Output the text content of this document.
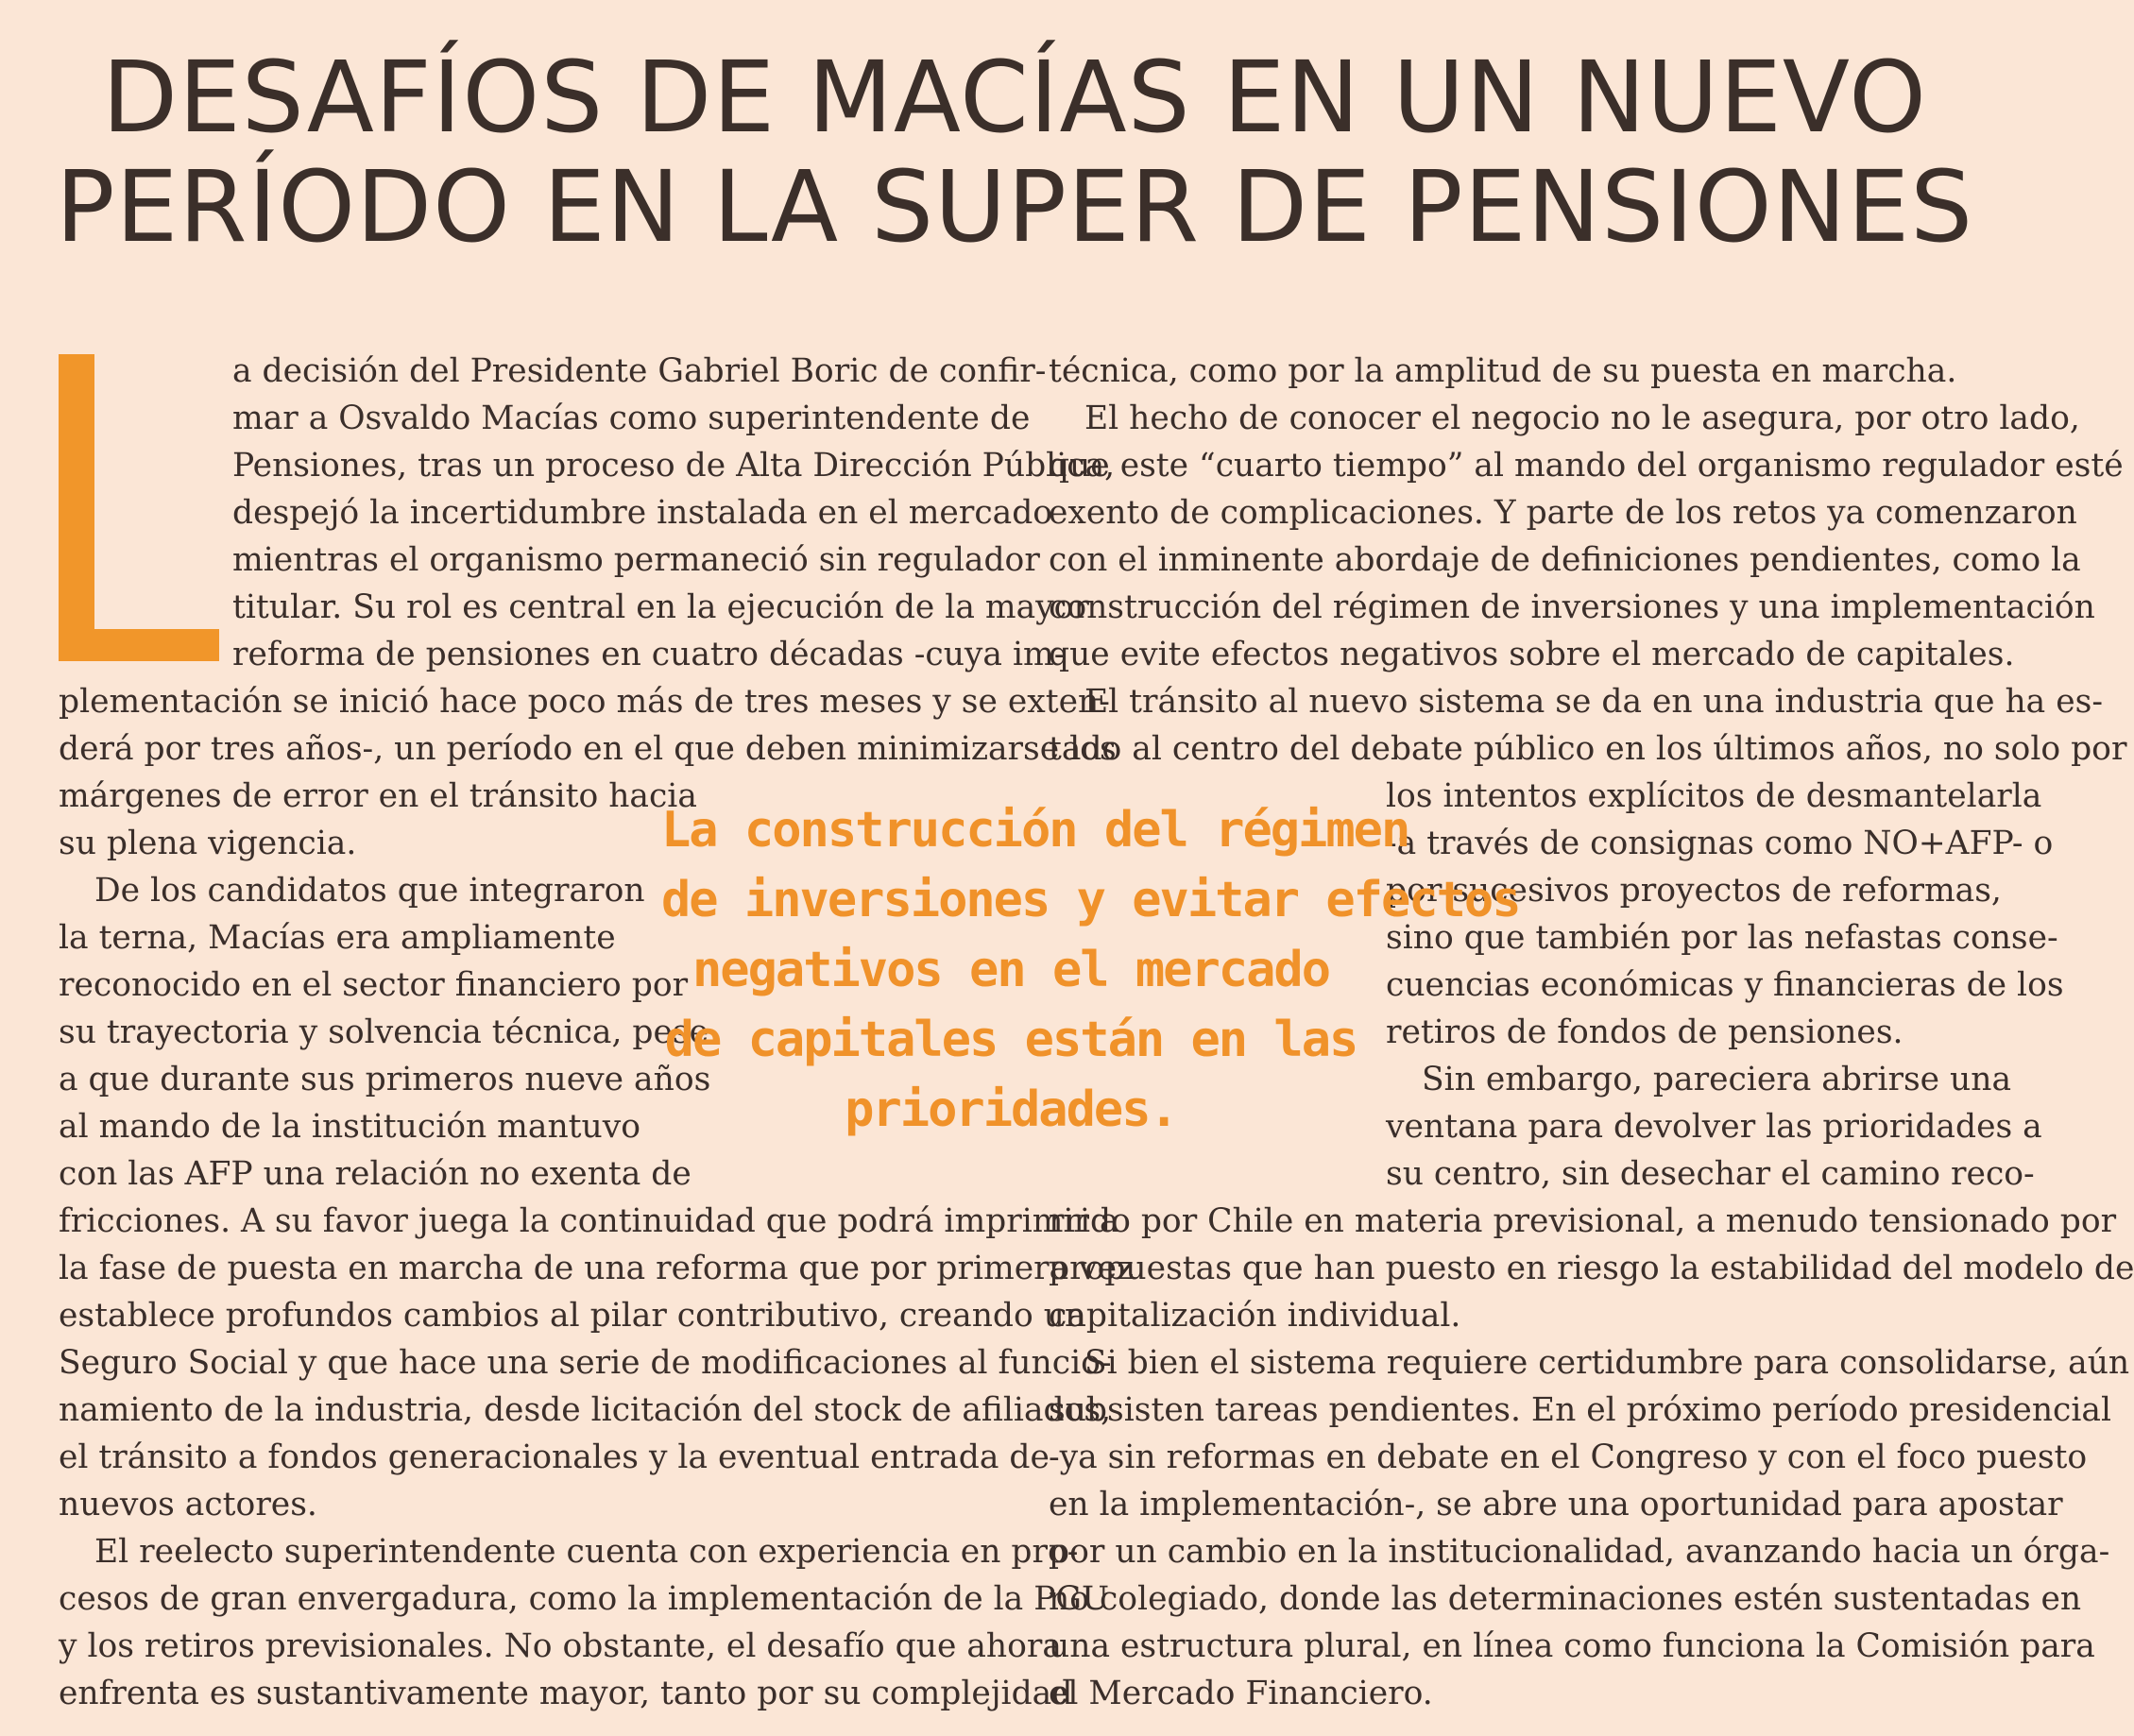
DESAFÍOS DE MACÍAS EN UN NUEVO
PERÍODO EN LA SUPER DE PENSIONES
a decisión del Presidente Gabriel Boric de confir-
mar a Osvaldo Macías como superintendente de
Pensiones, tras un proceso de Alta Dirección Pública,
despejó la incertidumbre instalada en el mercado
mientras el organismo permaneció sin regulador
titular. Su rol es central en la ejecución de la mayor
reforma de pensiones en cuatro décadas -cuya im-
plementación se inició hace poco más de tres meses y se exten-
derá por tres años-, un período en el que deben minimizarse los
márgenes de error en el tránsito hacia
su plena vigencia.
De los candidatos que integraron
la terna, Macías era ampliamente
reconocido en el sector financiero por
su trayectoria y solvencia técnica, pese
a que durante sus primeros nueve años
al mando de la institución mantuvo
con las AFP una relación no exenta de
fricciones. A su favor juega la continuidad que podrá imprimir a
la fase de puesta en marcha de una reforma que por primera vez
establece profundos cambios al pilar contributivo, creando un
Seguro Social y que hace una serie de modificaciones al funcio-
namiento de la industria, desde licitación del stock de afiliados,
el tránsito a fondos generacionales y la eventual entrada de
nuevos actores.
El reelecto superintendente cuenta con experiencia en pro-
cesos de gran envergadura, como la implementación de la PGU
y los retiros previsionales. No obstante, el desafío que ahora
enfrenta es sustantivamente mayor, tanto por su complejidad
técnica, como por la amplitud de su puesta en marcha.
El hecho de conocer el negocio no le asegura, por otro lado,
que este “cuarto tiempo” al mando del organismo regulador esté
exento de complicaciones. Y parte de los retos ya comenzaron
con el inminente abordaje de definiciones pendientes, como la
construcción del régimen de inversiones y una implementación
que evite efectos negativos sobre el mercado de capitales.
El tránsito al nuevo sistema se da en una industria que ha es-
tado al centro del debate público en los últimos años, no solo por
los intentos explícitos de desmantelarla
-a través de consignas como NO+AFP- o
por sucesivos proyectos de reformas,
sino que también por las nefastas conse-
cuencias económicas y financieras de los
retiros de fondos de pensiones.
Sin embargo, pareciera abrirse una
ventana para devolver las prioridades a
su centro, sin desechar el camino reco-
rrido por Chile en materia previsional, a menudo tensionado por
propuestas que han puesto en riesgo la estabilidad del modelo de
capitalización individual.
Si bien el sistema requiere certidumbre para consolidarse, aún
subsisten tareas pendientes. En el próximo período presidencial
-ya sin reformas en debate en el Congreso y con el foco puesto
en la implementación-, se abre una oportunidad para apostar
por un cambio en la institucionalidad, avanzando hacia un órga-
no colegiado, donde las determinaciones estén sustentadas en
una estructura plural, en línea como funciona la Comisión para
el Mercado Financiero.
La construcción del régimen
de inversiones y evitar efectos
negativos en el mercado
de capitales están en las
prioridades.
